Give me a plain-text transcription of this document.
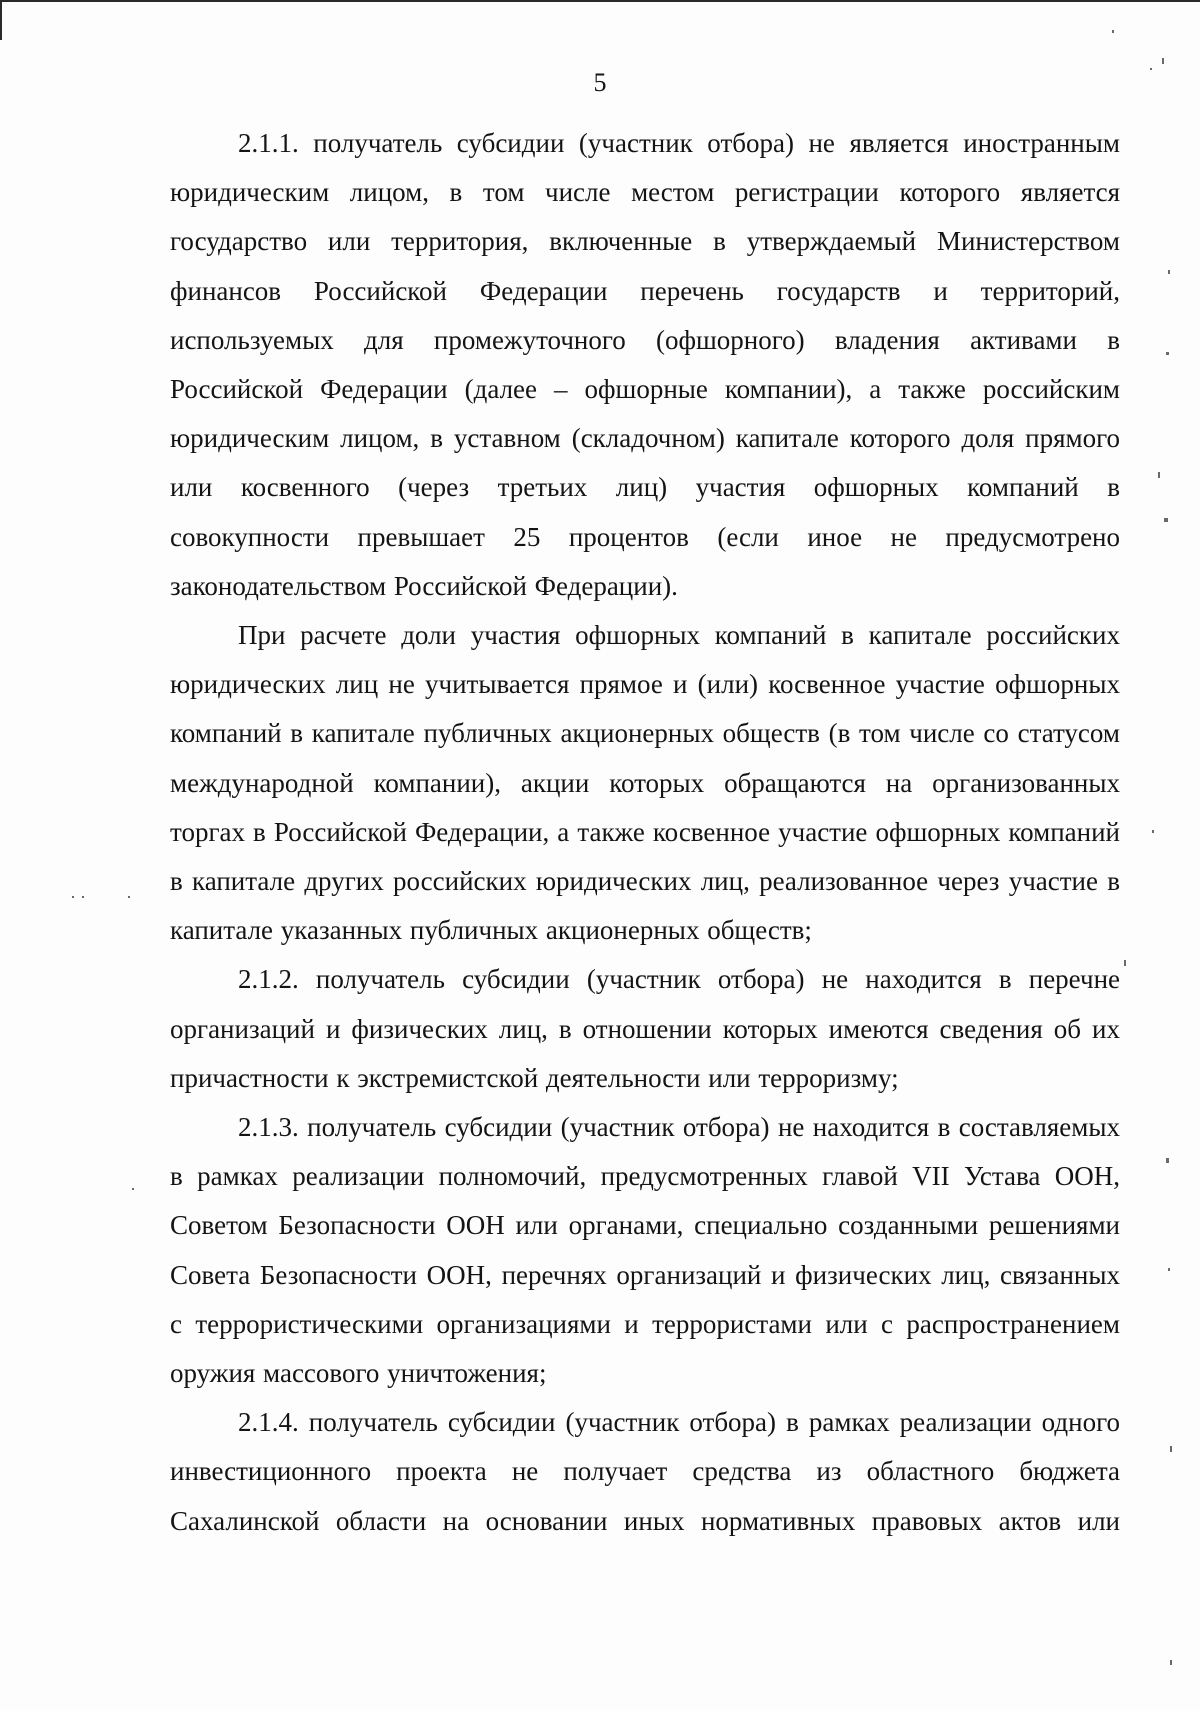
5

2.1.1. получатель субсидии (участник отбора) не является иностранным юридическим лицом, в том числе местом регистрации которого является государство или территория, включенные в утверждаемый Министерством финансов Российской Федерации перечень государств и территорий, используемых для промежуточного (офшорного) владения активами в Российской Федерации (далее – офшорные компании), а также российским юридическим лицом, в уставном (складочном) капитале которого доля прямого или косвенного (через третьих лиц) участия офшорных компаний в совокупности превышает 25 процентов (если иное не предусмотрено законодательством Российской Федерации).

При расчете доли участия офшорных компаний в капитале российских юридических лиц не учитывается прямое и (или) косвенное участие офшорных компаний в капитале публичных акционерных обществ (в том числе со статусом международной компании), акции которых обращаются на организованных торгах в Российской Федерации, а также косвенное участие офшорных компаний в капитале других российских юридических лиц, реализованное через участие в капитале указанных публичных акционерных обществ;

2.1.2. получатель субсидии (участник отбора) не находится в перечне организаций и физических лиц, в отношении которых имеются сведения об их причастности к экстремистской деятельности или терроризму;

2.1.3. получатель субсидии (участник отбора) не находится в составляемых в рамках реализации полномочий, предусмотренных главой VII Устава ООН, Советом Безопасности ООН или органами, специально созданными решениями Совета Безопасности ООН, перечнях организаций и физических лиц, связанных с террористическими организациями и террористами или с распространением оружия массового уничтожения;

2.1.4. получатель субсидии (участник отбора) в рамках реализации одного инвестиционного проекта не получает средства из областного бюджета Сахалинской области на основании иных нормативных правовых актов или
